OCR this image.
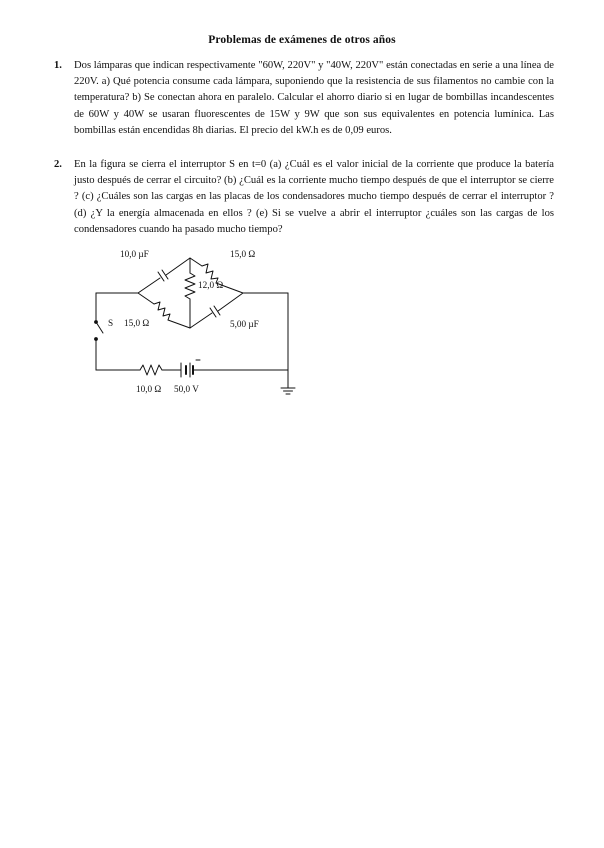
Problemas de exámenes de otros años
1. Dos lámparas que indican respectivamente "60W, 220V" y "40W, 220V" están conectadas en serie a una línea de 220V. a) Qué potencia consume cada lámpara, suponiendo que la resistencia de sus filamentos no cambie con la temperatura? b) Se conectan ahora en paralelo. Calcular el ahorro diario si en lugar de bombillas incandescentes de 60W y 40W se usaran fluorescentes de 15W y 9W que son sus equivalentes en potencia lumínica. Las bombillas están encendidas 8h diarias. El precio del kW.h es de 0,09 euros.
2. En la figura se cierra el interruptor S en t=0 (a) ¿Cuál es el valor inicial de la corriente que produce la batería justo después de cerrar el circuito? (b) ¿Cuál es la corriente mucho tiempo después de que el interruptor se cierre ? (c) ¿Cuáles son las cargas en las placas de los condensadores mucho tiempo después de cerrar el interruptor ? (d) ¿Y la energía almacenada en ellos ? (e) Si se vuelve a abrir el interruptor ¿cuáles son las cargas de los condensadores cuando ha pasado mucho tiempo?
10,0 µF	15,0 Ω
12,0 Ω
15,0 Ω	5,00 µF
S
10,0 Ω 50,0 V
